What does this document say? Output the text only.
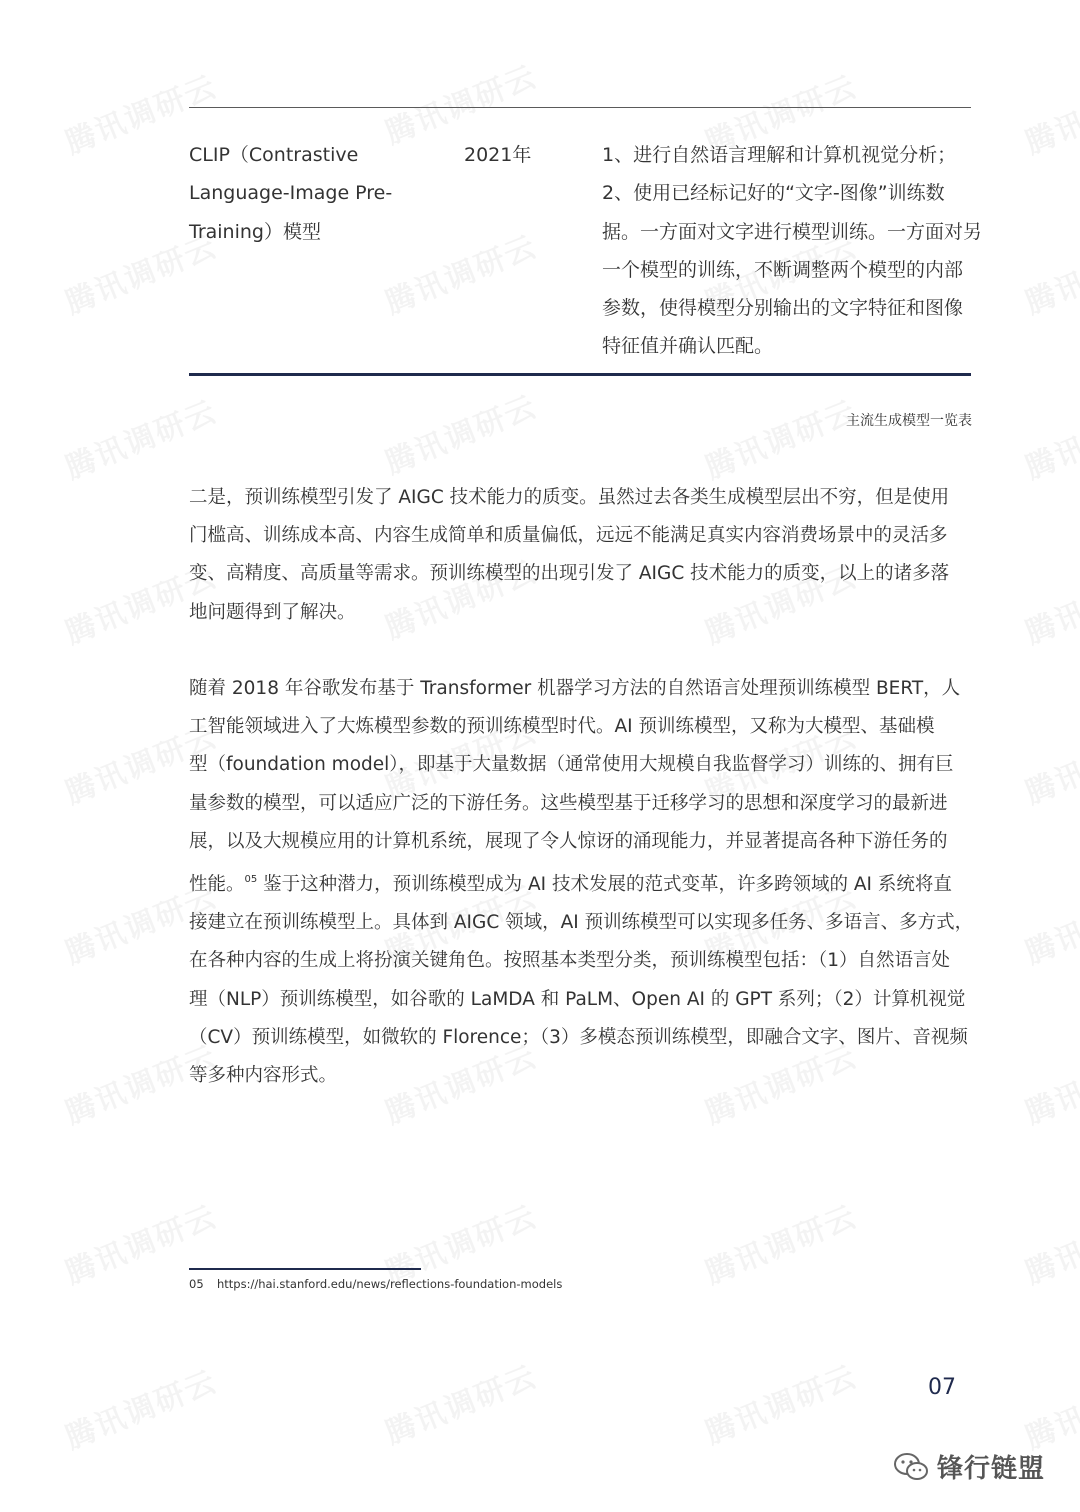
CLIP（Contrastive
Language-Image Pre-
Training）模型
2021年	1、进行自然语言理解和计算机视觉分析；
2、使用已经标记好的“文字-图像”训练数
据。一方面对文字进行模型训练。一方面对另
一个模型的训练，不断调整两个模型的内部
参数，使得模型分别输出的文字特征和图像
特征值并确认匹配。
主流生成模型一览表
二是，预训练模型引发了 AIGC 技术能力的质变。虽然过去各类生成模型层出不穷，但是使用
门槛高、训练成本高、内容生成简单和质量偏低，远远不能满足真实内容消费场景中的灵活多
变、高精度、高质量等需求。预训练模型的出现引发了 AIGC 技术能力的质变，以上的诸多落
地问题得到了解决。
随着 2018 年谷歌发布基于 Transformer 机器学习方法的自然语言处理预训练模型 BERT，人
工智能领域进入了大炼模型参数的预训练模型时代。AI 预训练模型，又称为大模型、基础模
型（foundation model），即基于大量数据（通常使用大规模自我监督学习）训练的、拥有巨
量参数的模型，可以适应广泛的下游任务。这些模型基于迁移学习的思想和深度学习的最新进
展，以及大规模应用的计算机系统，展现了令人惊讶的涌现能力，并显著提高各种下游任务的
性能。$^{05}$ 鉴于这种潜力，预训练模型成为 AI 技术发展的范式变革，许多跨领域的 AI 系统将直
接建立在预训练模型上。具体到 AIGC 领域，AI 预训练模型可以实现多任务、多语言、多方式，
在各种内容的生成上将扮演关键角色。按照基本类型分类，预训练模型包括：（1）自然语言处
理（NLP）预训练模型，如谷歌的 LaMDA 和 PaLM、Open AI 的 GPT 系列；（2）计算机视觉
（CV）预训练模型，如微软的 Florence；（3）多模态预训练模型，即融合文字、图片、音视频
等多种内容形式。
05 https://hai.stanford.edu/news/reflections-foundation-models
07
锋行链盟
